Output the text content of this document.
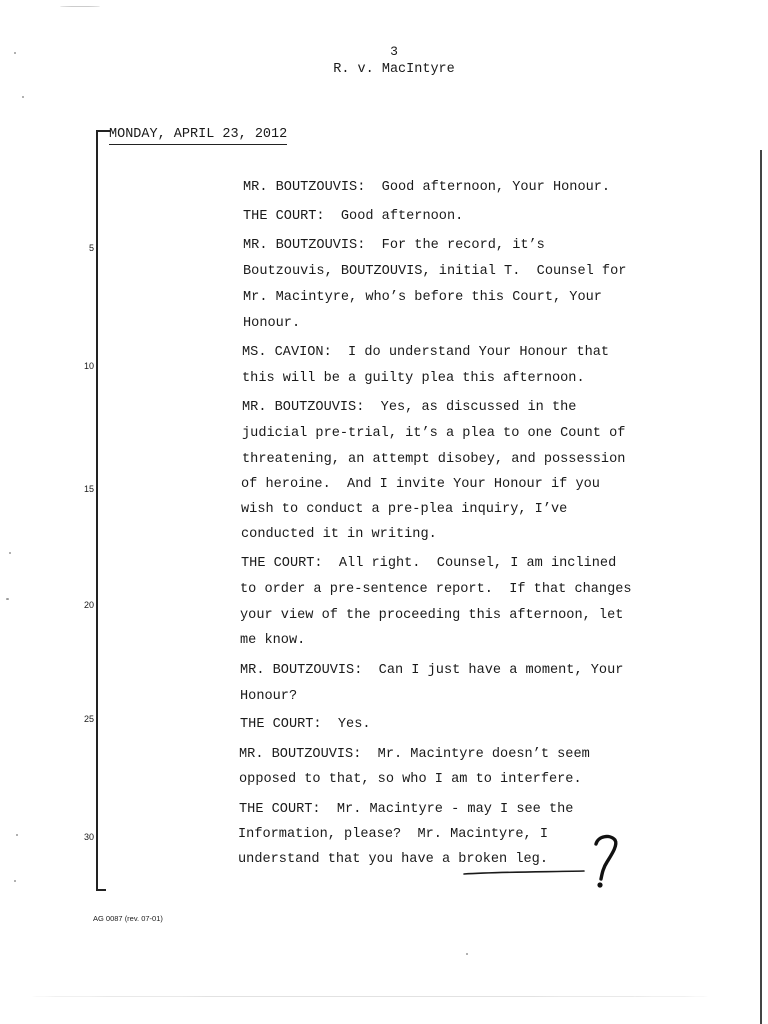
3
R. v. MacIntyre
MONDAY, APRIL 23, 2012
5
10
15
20
25
30
MR. BOUTZOUVIS:  Good afternoon, Your Honour.
THE COURT:  Good afternoon.
MR. BOUTZOUVIS:  For the record, it’s
Boutzouvis, BOUTZOUVIS, initial T.  Counsel for
Mr. Macintyre, who’s before this Court, Your
Honour.
MS. CAVION:  I do understand Your Honour that
this will be a guilty plea this afternoon.
MR. BOUTZOUVIS:  Yes, as discussed in the
judicial pre-trial, it’s a plea to one Count of
threatening, an attempt disobey, and possession
of heroine.  And I invite Your Honour if you
wish to conduct a pre-plea inquiry, I’ve
conducted it in writing.
THE COURT:  All right.  Counsel, I am inclined
to order a pre-sentence report.  If that changes
your view of the proceeding this afternoon, let
me know.
MR. BOUTZOUVIS:  Can I just have a moment, Your
Honour?
THE COURT:  Yes.
MR. BOUTZOUVIS:  Mr. Macintyre doesn’t seem
opposed to that, so who I am to interfere.
THE COURT:  Mr. Macintyre - may I see the
Information, please?  Mr. Macintyre, I
understand that you have a broken leg.
AG 0087 (rev. 07-01)
